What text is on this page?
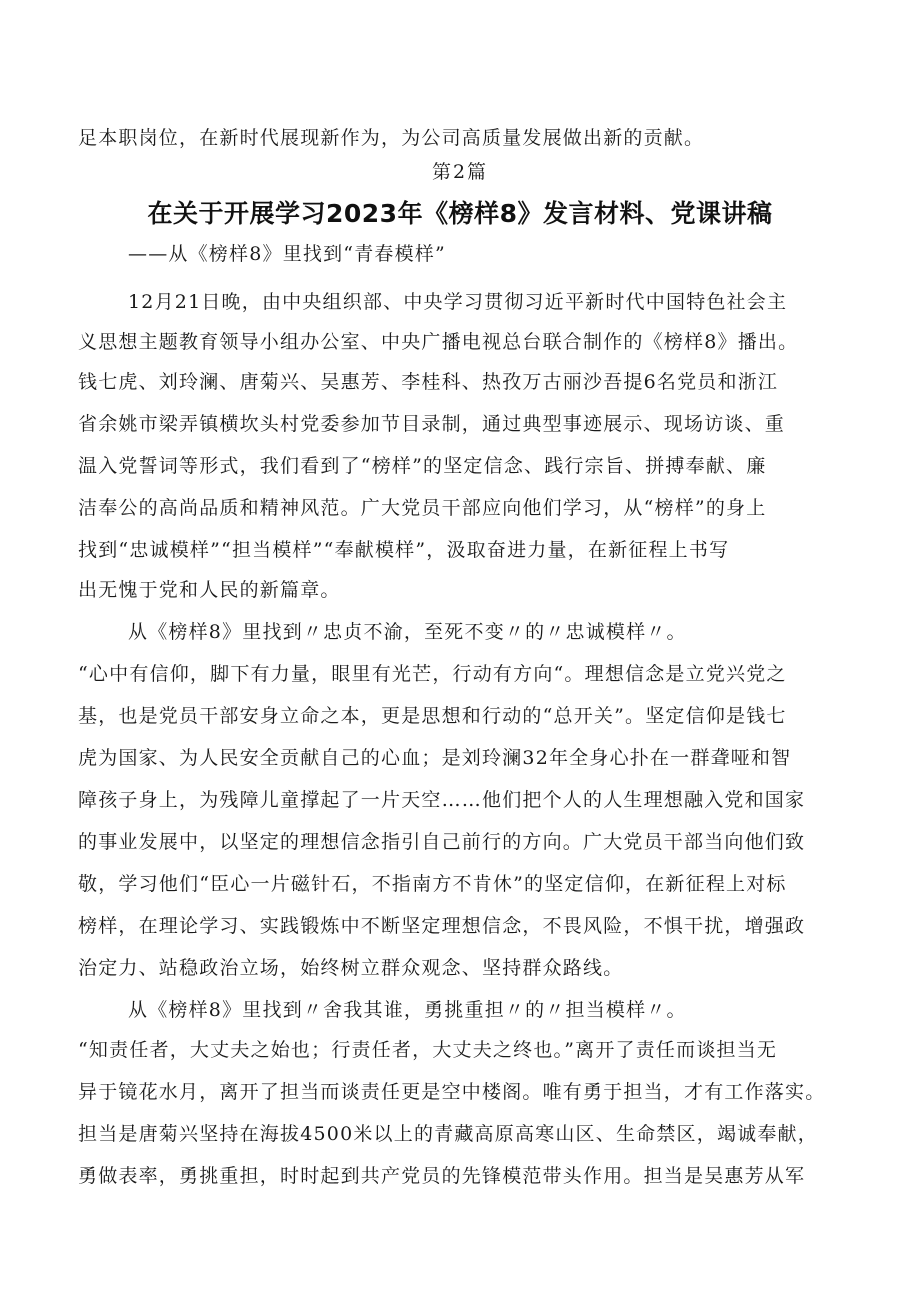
足本职岗位，在新时代展现新作为，为公司高质量发展做出新的贡献。
第2篇
在关于开展学习2023年《榜样8》发言材料、党课讲稿
——从《榜样8》里找到“青春模样”
12月21日晚，由中央组织部、中央学习贯彻习近平新时代中国特色社会主
义思想主题教育领导小组办公室、中央广播电视总台联合制作的《榜样8》播出。
钱七虎、刘玲澜、唐菊兴、吴惠芳、李桂科、热孜万古丽沙吾提6名党员和浙江
省余姚市梁弄镇横坎头村党委参加节目录制，通过典型事迹展示、现场访谈、重
温入党誓词等形式，我们看到了“榜样”的坚定信念、践行宗旨、拼搏奉献、廉
洁奉公的高尚品质和精神风范。广大党员干部应向他们学习，从“榜样”的身上
找到“忠诚模样”“担当模样”“奉献模样”，汲取奋进力量，在新征程上书写
出无愧于党和人民的新篇章。
从《榜样8》里找到〃忠贞不渝，至死不变〃的〃忠诚模样〃。
“心中有信仰，脚下有力量，眼里有光芒，行动有方向“。理想信念是立党兴党之
基，也是党员干部安身立命之本，更是思想和行动的“总开关”。坚定信仰是钱七
虎为国家、为人民安全贡献自己的心血；是刘玲澜32年全身心扑在一群聋哑和智
障孩子身上，为残障儿童撑起了一片天空……他们把个人的人生理想融入党和国家
的事业发展中，以坚定的理想信念指引自己前行的方向。广大党员干部当向他们致
敬，学习他们“臣心一片磁针石，不指南方不肯休”的坚定信仰，在新征程上对标
榜样，在理论学习、实践锻炼中不断坚定理想信念，不畏风险，不惧干扰，增强政
治定力、站稳政治立场，始终树立群众观念、坚持群众路线。
从《榜样8》里找到〃舍我其谁，勇挑重担〃的〃担当模样〃。
“知责任者，大丈夫之始也；行责任者，大丈夫之终也。”离开了责任而谈担当无
异于镜花水月，离开了担当而谈责任更是空中楼阁。唯有勇于担当，才有工作落实。
担当是唐菊兴坚持在海拔4500米以上的青藏高原高寒山区、生命禁区，竭诚奉献，
勇做表率，勇挑重担，时时起到共产党员的先锋模范带头作用。担当是吴惠芳从军
